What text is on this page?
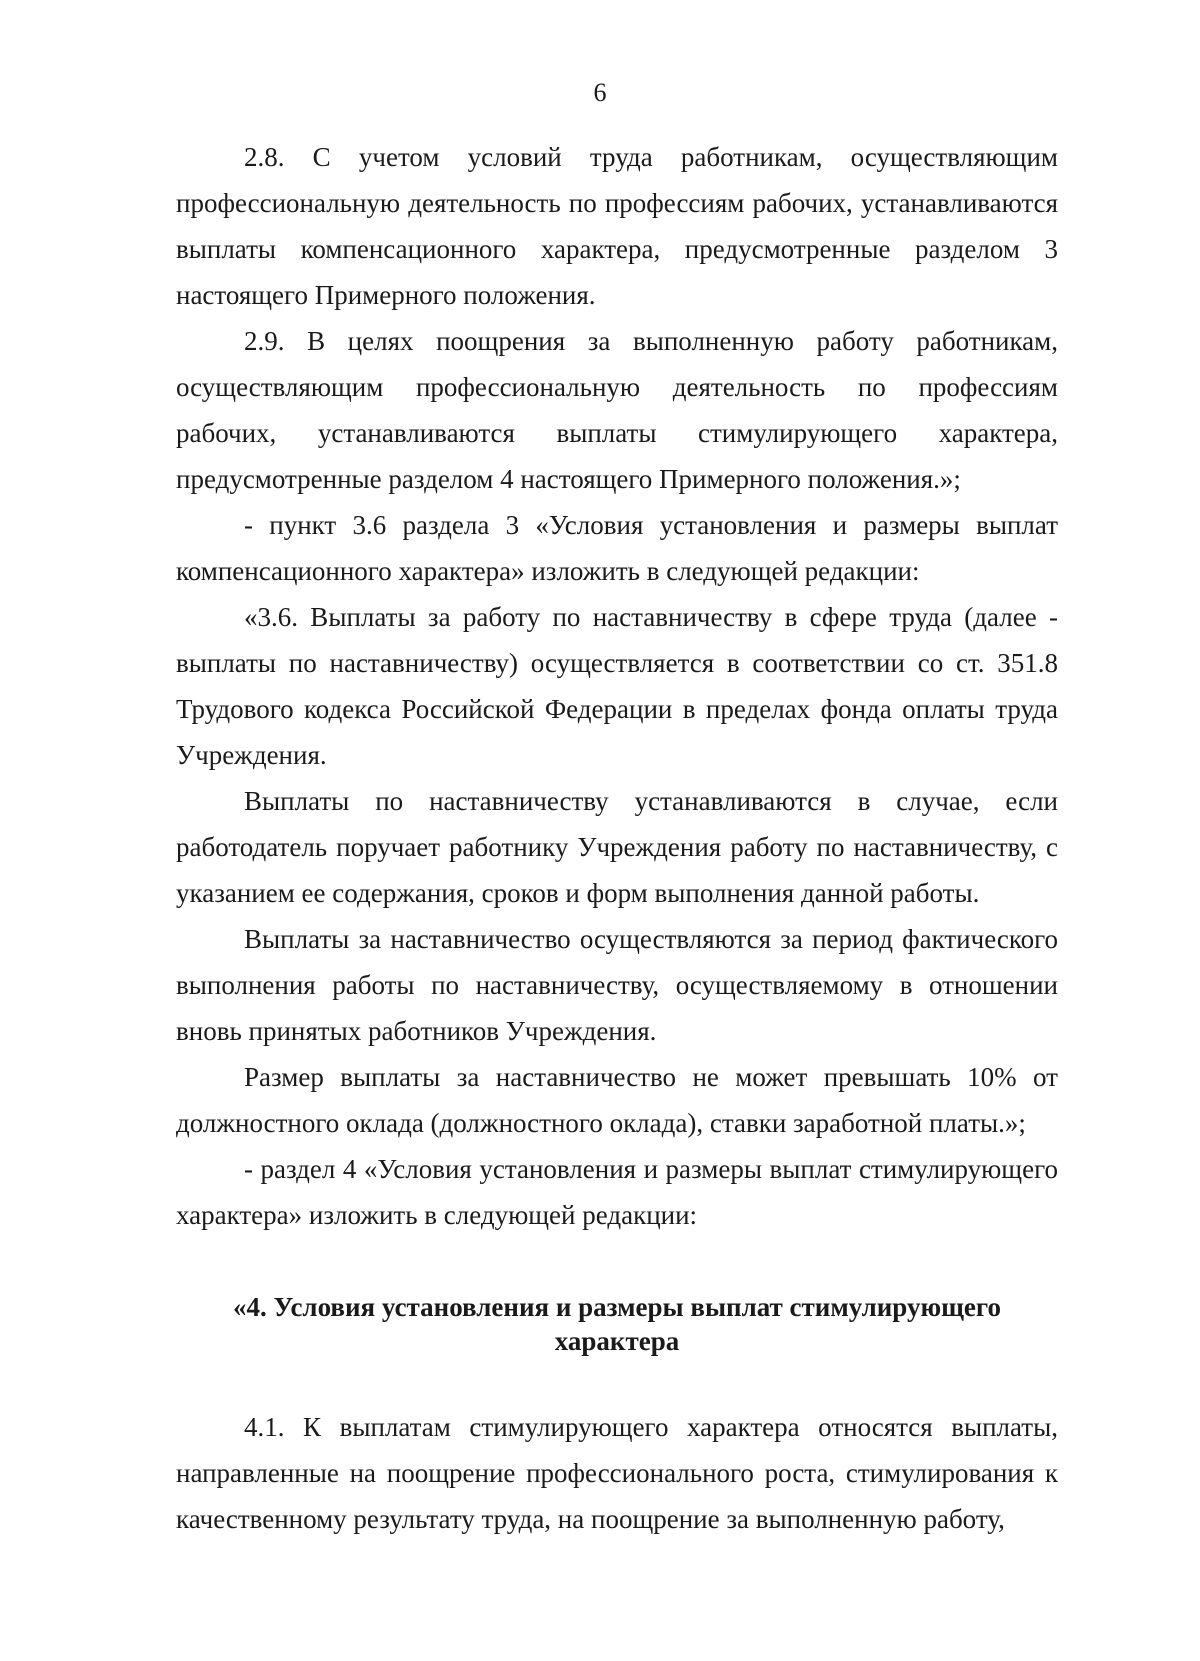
6

2.8. С учетом условий труда работникам, осуществляющим профессиональную деятельность по профессиям рабочих, устанавливаются выплаты компенсационного характера, предусмотренные разделом 3 настоящего Примерного положения.

2.9. В целях поощрения за выполненную работу работникам, осуществляющим профессиональную деятельность по профессиям рабочих, устанавливаются выплаты стимулирующего характера, предусмотренные разделом 4 настоящего Примерного положения.»;

- пункт 3.6 раздела 3 «Условия установления и размеры выплат компенсационного характера» изложить в следующей редакции:

«3.6. Выплаты за работу по наставничеству в сфере труда (далее - выплаты по наставничеству) осуществляется в соответствии со ст. 351.8 Трудового кодекса Российской Федерации в пределах фонда оплаты труда Учреждения.

Выплаты по наставничеству устанавливаются в случае, если работодатель поручает работнику Учреждения работу по наставничеству, с указанием ее содержания, сроков и форм выполнения данной работы.

Выплаты за наставничество осуществляются за период фактического выполнения работы по наставничеству, осуществляемому в отношении вновь принятых работников Учреждения.

Размер выплаты за наставничество не может превышать 10% от должностного оклада (должностного оклада), ставки заработной платы.»;

- раздел 4 «Условия установления и размеры выплат стимулирующего характера» изложить в следующей редакции:

«4. Условия установления и размеры выплат стимулирующего характера

4.1. К выплатам стимулирующего характера относятся выплаты, направленные на поощрение профессионального роста, стимулирования к качественному результату труда, на поощрение за выполненную работу,
